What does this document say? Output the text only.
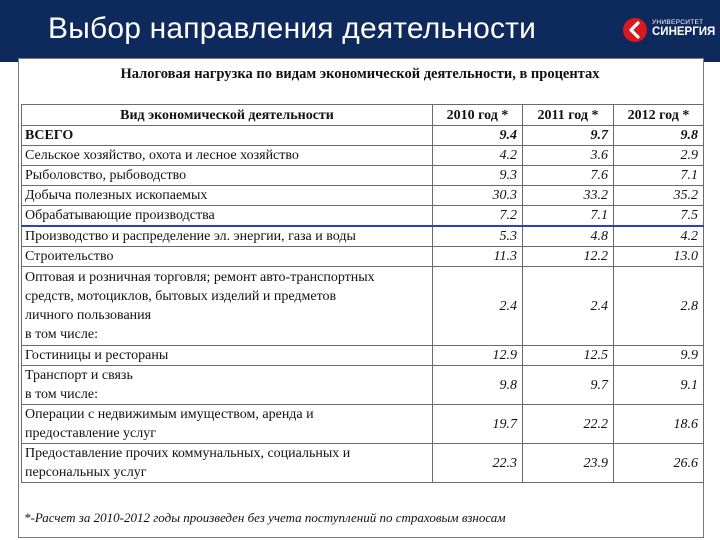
Выбор направления деятельности	УНИВЕРСИТЕТ
СИНЕРГИЯ
Налоговая нагрузка по видам экономической деятельности, в процентах
Вид экономической деятельности	2010 год *	2011 год *	2012 год *

ВСЕГО	9.4	9.7	9.8

Сельское хозяйство, охота и лесное хозяйство	4.2	3.6	2.9

Рыболовство, рыбоводство	9.3	7.6	7.1

Добыча полезных ископаемых	30.3	33.2	35.2

Обрабатывающие производства	7.2	7.1	7.5

Производство и распределение эл. энергии, газа и воды	5.3	4.8	4.2

Строительство	11.3	12.2	13.0

Оптовая и розничная торговля; ремонт авто-транспортных
средств, мотоциклов, бытовых изделий и предметов
личного пользования
в том числе:	2.4	2.4	2.8

Гостиницы и рестораны	12.9	12.5	9.9

Транспорт и связь
в том числе:	9.8	9.7	9.1

Операции с недвижимым имуществом, аренда и
предоставление услуг	19.7	22.2	18.6

Предоставление прочих коммунальных, социальных и
персональных услуг	22.3	23.9	26.6
*-Расчет за 2010-2012 годы произведен без учета поступлений по страховым взносам
